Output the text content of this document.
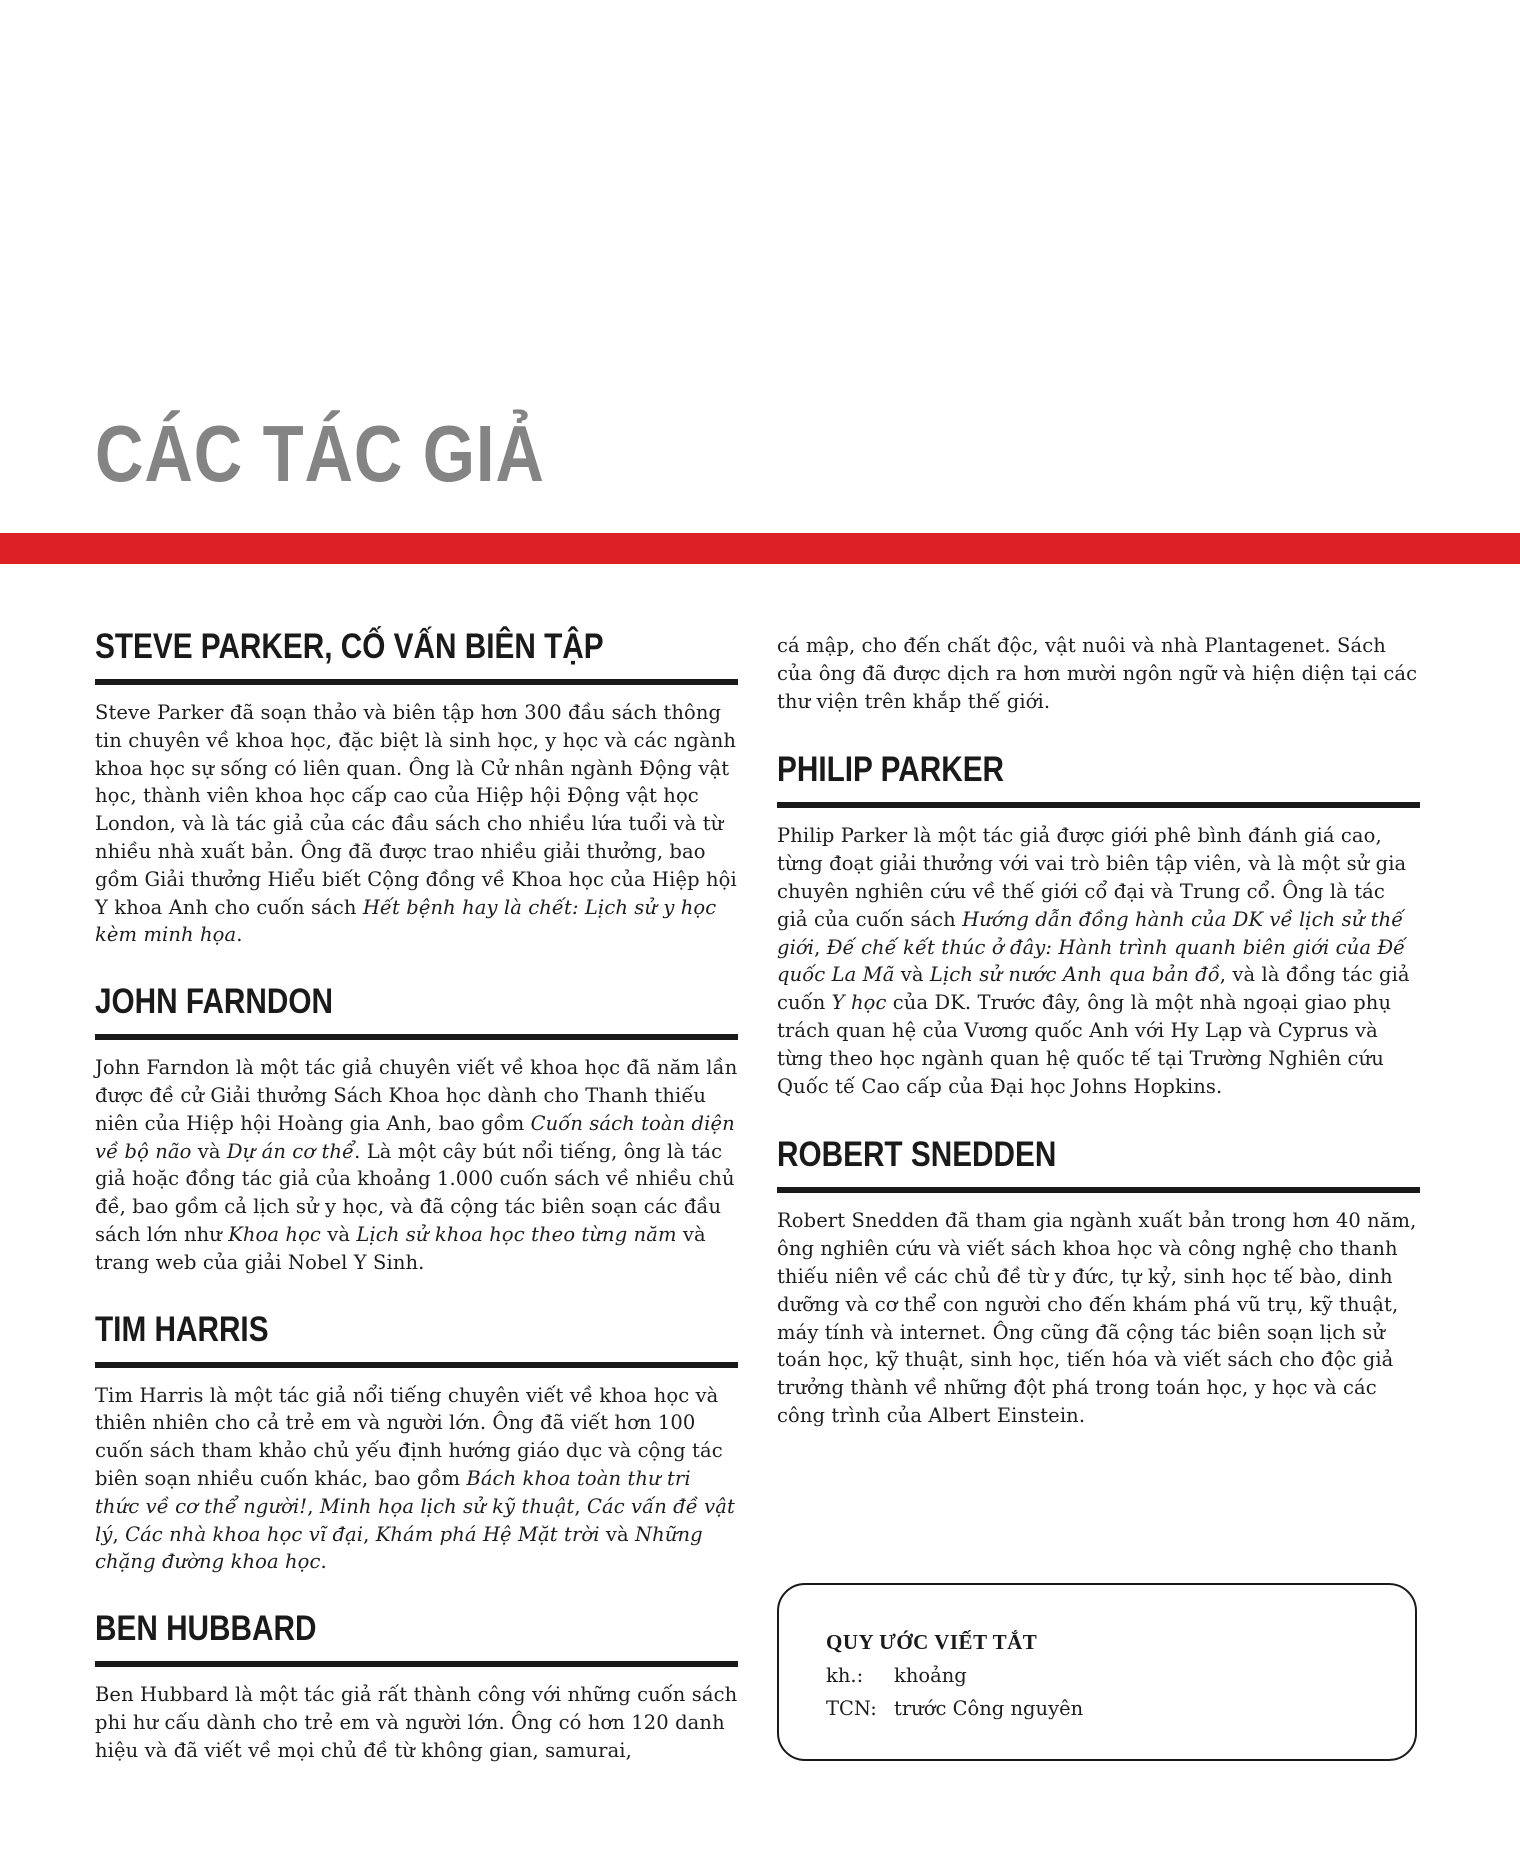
CÁC TÁC GIẢ
STEVE PARKER, CỐ VẤN BIÊN TẬP

Steve Parker đã soạn thảo và biên tập hơn 300 đầu sách thông tin chuyên về khoa học, đặc biệt là sinh học, y học và các ngành khoa học sự sống có liên quan. Ông là Cử nhân ngành Động vật học, thành viên khoa học cấp cao của Hiệp hội Động vật học London, và là tác giả của các đầu sách cho nhiều lứa tuổi và từ nhiều nhà xuất bản. Ông đã được trao nhiều giải thưởng, bao gồm Giải thưởng Hiểu biết Cộng đồng về Khoa học của Hiệp hội Y khoa Anh cho cuốn sách Hết bệnh hay là chết: Lịch sử y học kèm minh họa.

JOHN FARNDON

John Farndon là một tác giả chuyên viết về khoa học đã năm lần được đề cử Giải thưởng Sách Khoa học dành cho Thanh thiếu niên của Hiệp hội Hoàng gia Anh, bao gồm Cuốn sách toàn diện về bộ não và Dự án cơ thể. Là một cây bút nổi tiếng, ông là tác giả hoặc đồng tác giả của khoảng 1.000 cuốn sách về nhiều chủ đề, bao gồm cả lịch sử y học, và đã cộng tác biên soạn các đầu sách lớn như Khoa học và Lịch sử khoa học theo từng năm và trang web của giải Nobel Y Sinh.

TIM HARRIS

Tim Harris là một tác giả nổi tiếng chuyên viết về khoa học và thiên nhiên cho cả trẻ em và người lớn. Ông đã viết hơn 100 cuốn sách tham khảo chủ yếu định hướng giáo dục và cộng tác biên soạn nhiều cuốn khác, bao gồm Bách khoa toàn thư tri thức về cơ thể người!, Minh họa lịch sử kỹ thuật, Các vấn đề vật lý, Các nhà khoa học vĩ đại, Khám phá Hệ Mặt trời và Những chặng đường khoa học.

BEN HUBBARD

Ben Hubbard là một tác giả rất thành công với những cuốn sách phi hư cấu dành cho trẻ em và người lớn. Ông có hơn 120 danh hiệu và đã viết về mọi chủ đề từ không gian, samurai,

cá mập, cho đến chất độc, vật nuôi và nhà Plantagenet. Sách của ông đã được dịch ra hơn mười ngôn ngữ và hiện diện tại các thư viện trên khắp thế giới.

PHILIP PARKER

Philip Parker là một tác giả được giới phê bình đánh giá cao, từng đoạt giải thưởng với vai trò biên tập viên, và là một sử gia chuyên nghiên cứu về thế giới cổ đại và Trung cổ. Ông là tác giả của cuốn sách Hướng dẫn đồng hành của DK về lịch sử thế giới, Đế chế kết thúc ở đây: Hành trình quanh biên giới của Đế quốc La Mã và Lịch sử nước Anh qua bản đồ, và là đồng tác giả cuốn Y học của DK. Trước đây, ông là một nhà ngoại giao phụ trách quan hệ của Vương quốc Anh với Hy Lạp và Cyprus và từng theo học ngành quan hệ quốc tế tại Trường Nghiên cứu Quốc tế Cao cấp của Đại học Johns Hopkins.

ROBERT SNEDDEN

Robert Snedden đã tham gia ngành xuất bản trong hơn 40 năm, ông nghiên cứu và viết sách khoa học và công nghệ cho thanh thiếu niên về các chủ đề từ y đức, tự kỷ, sinh học tế bào, dinh dưỡng và cơ thể con người cho đến khám phá vũ trụ, kỹ thuật, máy tính và internet. Ông cũng đã cộng tác biên soạn lịch sử toán học, kỹ thuật, sinh học, tiến hóa và viết sách cho độc giả trưởng thành về những đột phá trong toán học, y học và các công trình của Albert Einstein.

QUY ƯỚC VIẾT TẮT
kh.: khoảng
TCN: trước Công nguyên
